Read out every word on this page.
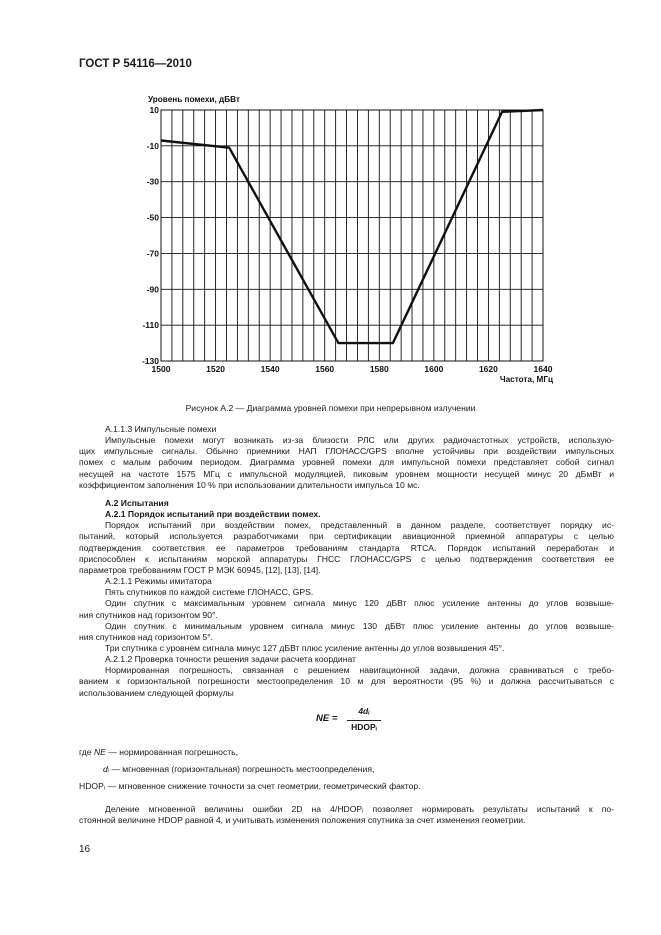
ГОСТ Р 54116—2010
1500	1520	1540	1560	1580	1600	1620	1640
10
-10
-30
-50
-70
-90
-110
-130
Уровень помехи, дБВт
Частота, МГц
Рисунок А.2 — Диаграмма уровней помехи при непрерывном излучении

А.1.1.3 Импульсные помехи

Импульсные помехи могут возникать из-за близости РЛС или других радиочастотных устройств, использую-

щих импульсные сигналы. Обычно приемники НАП ГЛОНАСС/GPS вполне устойчивы при воздействии импульсных

помех с малым рабочим периодом. Диаграмма уровней помехи для импульсной помехи представляет собой сигнал

несущей на частоте 1575 МГц с импульсной модуляцией, пиковым уровнем мощности несущей минус 20 дБмВт и

коэффициентом заполнения 10 % при использовании длительности импульса 10 мс.

А.2 Испытания

А.2.1 Порядок испытаний при воздействии помех.

Порядок испытаний при воздействии помех, представленный в данном разделе, соответствует порядку ис-

пытаний, который используется разработчиками при сертификации авиационной приемной аппаратуры с целью

подтверждения соответствия ее параметров требованиям стандарта RTCA. Порядок испытаний переработан и

приспособлен к испытаниям морской аппаратуры ГНСС ГЛОНАСС/GPS с целью подтверждения соответствия ее

параметров требованиям ГОСТ Р МЭК 60945, [12], [13], [14].

А.2.1.1 Режимы имитатора

Пять спутников по каждой системе ГЛОНАСС, GPS.

Один спутник с максимальным уровнем сигнала минус 120 дБВт плюс усиление антенны до углов возвыше-

ния спутников над горизонтом 90°.

Один спутник с минимальным уровнем сигнала минус 130 дБВт плюс усиление антенны до углов возвыше-

ния спутников над горизонтом 5°.

Три спутника с уровнем сигнала минус 127 дБВт плюс усиление антенны до углов возвышения 45°.

А.2.1.2 Проверка точности решения задачи расчета координат

Нормированная погрешность, связанная с решением навигационной задачи, должна сравниваться с требо-

ванием к горизонтальной погрешности местоопределения 10 м для вероятности (95 %) и должна рассчитываться с

использованием следующей формулы

NE =
4dᵢ
HDOPᵢ

где NE — нормированная погрешность,

dᵢ — мгновенная (горизонтальная) погрешность местоопределения,

HDOPᵢ — мгновенное снижение точности за счет геометрии, геометрический фактор.

Деление мгновенной величины ошибки 2D на 4/HDOPᵢ позволяет нормировать результаты испытаний к по-

стоянной величине HDOP равной 4, и учитывать изменения положения спутника за счет изменения геометрии.

16
